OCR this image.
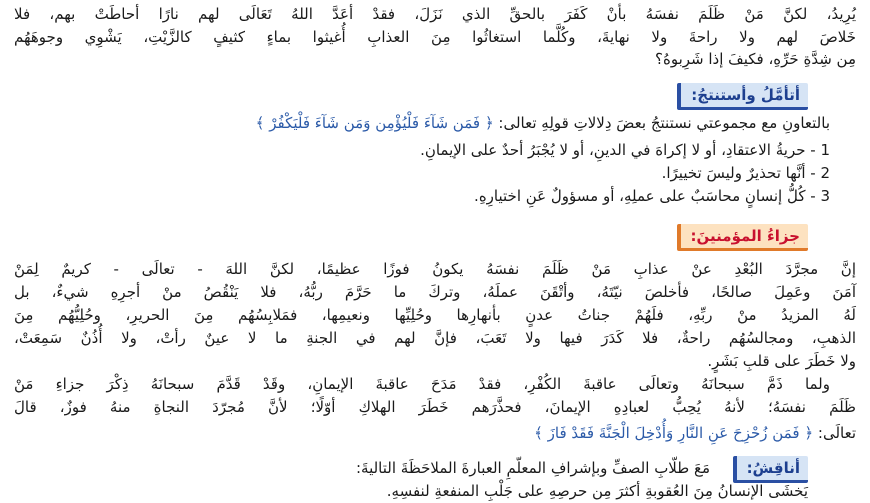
يُرِيدُ، لكنَّ مَنْ ظَلَمَ نفسَهُ بأنْ كَفَرَ بالحقِّ الذي نَزَلَ، فقدْ أعَدَّ اللهُ تَعَالَى لهم نارًا أحاطَتْ بهم، فلا
خَلاصَ لهم ولا راحةَ ولا نهايةَ، وكُلَّما استغاثُوا مِنَ العذابِ أُغيثوا بماءٍ كثيفٍ كالزَّيْتِ، يَشْوِي وجوهَهُم
مِن شِدَّةِ حَرِّهِ، فكيفَ إذا شَرِبوهُ؟
أتأمَّلُ وأستنتجُ:
بالتعاونِ مع مجموعتي نستنتجُ بعضَ دِلالاتِ قولِهِ تعالى: ﴿ فَمَن شَآءَ فَلْيُؤْمِن وَمَن شَآءَ فَلْيَكْفُرْ ﴾
1 - حريةُ الاعتقادِ، أو لا إكراهَ في الدينِ، أو لا يُجْبَرُ أحدٌ على الإيمانِ.
2 - أنَّها تحذيرٌ وليسَ تخييرًا.
3 - كُلُّ إنسانٍ محاسَبٌ على عملِهِ، أو مسؤولٌ عَنِ اختيارِهِ.
جزاءُ المؤمنينَ:
إنَّ مجرَّدَ البُعْدِ عنْ عذابِ مَنْ ظَلَمَ نفسَهُ يكونُ فوزًا عظيمًا، لكنَّ اللهَ - تعالَى - كريمٌ لِمَنْ
آمَنَ وعَمِلَ صالحًا، فأخلصَ نيّتَهُ، وأتْقَنَ عملَهُ، وتركَ ما حَرَّمَ ربُّهُ، فلا يَنْقُصُ منْ أجرِهِ شيءٌ، بل
لَهُ المزيدُ منْ ربِّهِ، فلَهُمْ جناتُ عدنٍ بأنهارِها وحُلِيِّها ونعيمِها، فمَلابِسُهُم مِنَ الحريرِ، وحُلِيُّهُم مِنَ
الذهبِ، ومجالسُهُم راحةٌ، فلا كَدَرَ فيها ولا تَعَبَ، فإنَّ لهم في الجنةِ ما لا عينٌ رأتْ، ولا أُذُنٌ سَمِعَتْ،
ولا خَطَرَ على قلبِ بَشَرٍ.
ولما ذَمَّ سبحانَهُ وتعالَى عاقبةَ الكُفْرِ، فقدْ مَدَحَ عاقبةَ الإيمانِ، وقَدْ قَدَّمَ سبحانَهُ ذِكْرَ جزاءِ مَنْ
ظَلَمَ نفسَهُ؛ لأنهُ يُحِبُّ لعبادِهِ الإيمانَ، فحذَّرَهم خَطَرَ الهلاكِ أوّلًا؛ لأنَّ مُجرّدَ النجاةِ منهُ فوزٌ، قالَ
تعالَى: ﴿ فَمَن زُحْزِحَ عَنِ النَّارِ وَأُدْخِلَ الْجَنَّةَ فَقَدْ فَازَ ﴾
أناقِشُ:
مَعَ طلّابِ الصفِّ وبإشرافِ المعلّمِ العبارةَ الملاحَظَةَ التاليةَ:
يَخشَى الإنسانُ مِنَ العُقوبةِ أكثرَ مِن حرصِهِ على جَلْبِ المنفعةِ لنفسِهِ.
